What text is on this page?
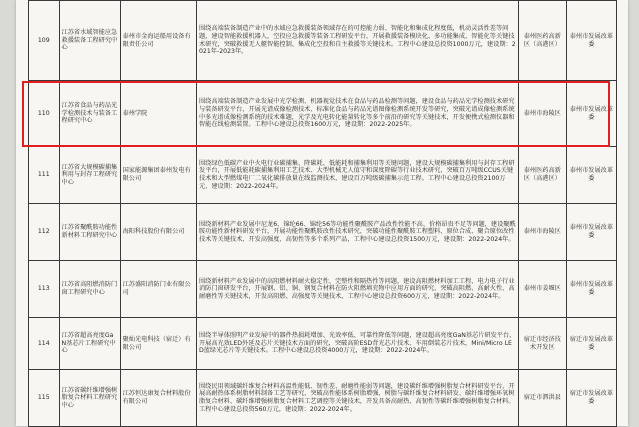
109	江苏省水域智能应急救援装备工程研究中心	泰州市金海运船用设备有限责任公司	围绕高端装备制造产业中的水域应急救援装备领域存在的可控能力弱、智能化和集成化程度低，机动灵活性差等问题，建设智能救援机器人，空投应急救援等装备工程研发平台，开展救援装备模块化、多功能集成、智能化等关键技术研究，突破救援无人艇智能控制、集成化空投和自主救援等关键技术。工程中心建设总投资1000万元，建设期：2021年-2023年。	泰州医药高新区（高港区）	泰州市发展改革委
110	江苏省食品与药品光学检测技术与装备工程研究中心	泰州学院	围绕高端装备制造产业发展中光学检测、机器视觉技术在食品与药品检测等问题，建设食品与药品光学检测技术研究与装备研发平台，开展光谱成像检测技术、标准化食品与药品光谱图像检测系统开发等研究，突破光谱成像检测系统中多光谱成像检测系统的技术难题，光学及光电转化能量转化等多个前沿的研究等关键技术，开发便携式检测仪器和智能在线检测装置。工程中心建设总投资1600万元，建设期：2022-2025年。	泰州市海陵区	泰州市发展改革委
111	江苏省大规模碳捕集利用与封存工程研究中心	国家能源集团泰州发电有限公司	围绕绿色低碳产业中火电行业碳捕集、降碳耗、低能耗和捕集利用等关键问题，建设大规模碳捕集利用与封存工程研发平台，开展低能耗碳捕集利用工艺技术、大型机械无人值守和深度降碳等行业技术研究，突破百万吨级CCUS关键技术和大型燃煤电厂二氧化碳排放量在线监测技术，建设百万吨级碳捕集示范工程。工程中心建设总投资2100万元，建设期：2022-2024年。	泰州医药高新区（高港区）	泰州市发展改革委
112	江苏省聚酰胺功能性新材料工程研究中心	海阳科技股份有限公司	围绕新材料产业发展中尼龙6、锦纶66、锦纶56等功能性聚酰胺产品改性性能不高、价格昂贵不足等问题，建设聚酰胺功能性新材料研发平台，开展功能性聚酰胺改性技术研究，突破功能性聚酰胺工程塑料、原位合成、聚合原位改性技术等关键技术，开发高强度、高韧性等多个系列产品，工程中心建设总投资1500万元，建设期：2022-2024年。	泰州市海陵区	泰州市发展改革委
113	江苏省高阻燃消防门窗工程研究中心	江苏盛阳消防门业有限公司	围绕新材料产业发展中的高阻燃材料耐火稳定性、完整性和隔热性等问题，建设高阻燃材料加工工程、电力电子行业消防门窗研发平台，开展钢、铝、铜、钢复合材料在防火阻燃填充物中应用方面的研究，突破高阻燃、高耐火性、高耐磨性等关键技术，开发高阻燃、高强度等关键技术，工程中心建设总投资600万元，建设期：2022-2024年。	泰州市姜堰区	泰州市发展改革委
114	江苏省超高亮度GaN基芯片工程研究中心	聚灿光电科技（宿迁）有限公司	围绕半导体照明产业发展中的器件热损耗增加、光效率低、可靠性降低等问题，建设超高亮度GaN基芯片研发平台，开展高光效LED外延及芯片关键技术方面的研究，突破高阶ESD背光芯片技术、车用倒装芯片技术，Mini/Micro LED蓝绿光芯片等关键技术。工程中心建设总投资4000万元，建设期：2022-2024年。	宿迁市经济技术开发区	宿迁市发展改革委
115	江苏省碳纤维增强树脂复合材料工程研究中心	江苏恒达康复合材料股份有限公司	围绕民用领域碳纤维复合材料高温性能低、韧性差、耐磨性能弱等问题，建设碳纤维增强树脂复合材料研发平台，开展高耐热体系树脂材料制备工艺等研究，突破高性能体系树脂增强、树脂与碳纤维复合材料研发、碳纤维增强环氧树脂复合材料、碳纤维增强树脂复合材料工艺调控等关键技术，开发具备高耐热、高韧性等碳纤维增强树脂复合材料。工程中心建设总投资560万元，建设期：2022-2024年。	宿迁市泗洪县	宿迁市发展改革委
